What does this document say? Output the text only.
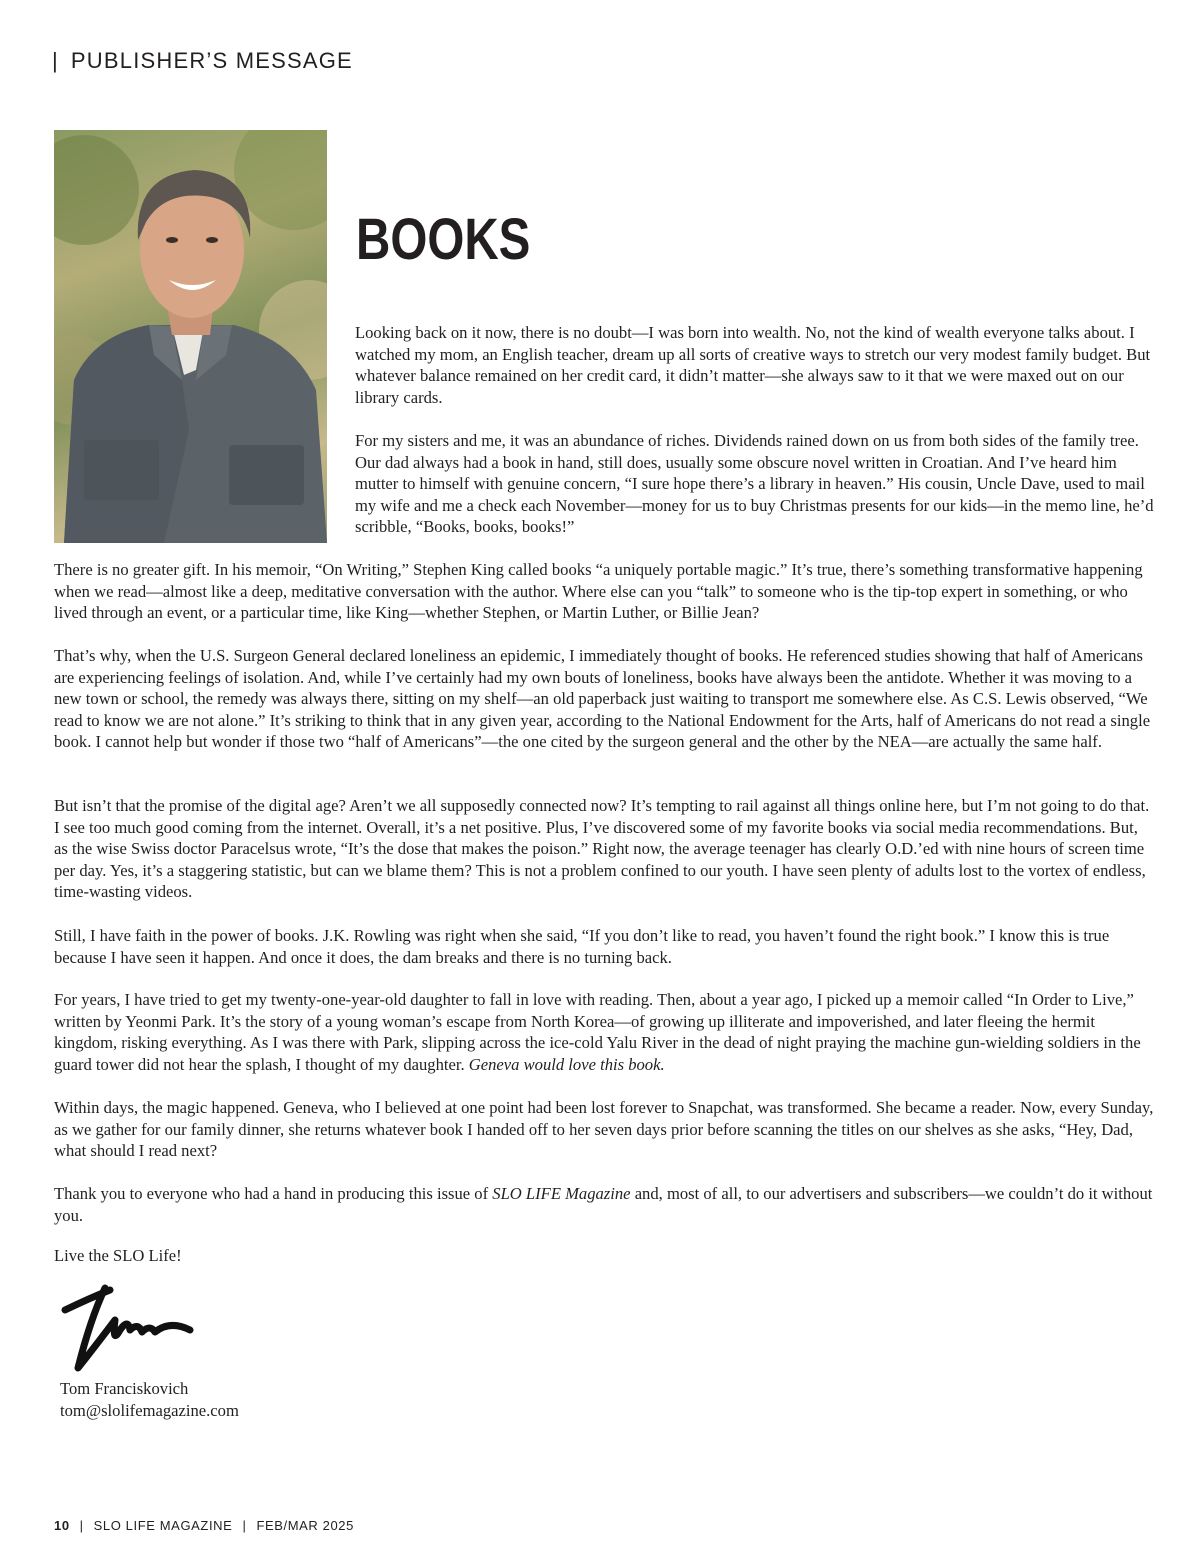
| PUBLISHER’S MESSAGE
BOOKS

Looking back on it now, there is no doubt—I was born into wealth. No, not the kind of wealth everyone talks about. I watched my mom, an English teacher, dream up all sorts of creative ways to stretch our very modest family budget. But whatever balance remained on her credit card, it didn’t matter—she always saw to it that we were maxed out on our library cards.

For my sisters and me, it was an abundance of riches. Dividends rained down on us from both sides of the family tree. Our dad always had a book in hand, still does, usually some obscure novel written in Croatian. And I’ve heard him mutter to himself with genuine concern, “I sure hope there’s a library in heaven.” His cousin, Uncle Dave, used to mail my wife and me a check each November—money for us to buy Christmas presents for our kids—in the memo line, he’d scribble, “Books, books, books!”

There is no greater gift. In his memoir, “On Writing,” Stephen King called books “a uniquely portable magic.” It’s true, there’s something transformative happening when we read—almost like a deep, meditative conversation with the author. Where else can you “talk” to someone who is the tip-top expert in something, or who lived through an event, or a particular time, like King—whether Stephen, or Martin Luther, or Billie Jean?

That’s why, when the U.S. Surgeon General declared loneliness an epidemic, I immediately thought of books. He referenced studies showing that half of Americans are experiencing feelings of isolation. And, while I’ve certainly had my own bouts of loneliness, books have always been the antidote. Whether it was moving to a new town or school, the remedy was always there, sitting on my shelf—an old paperback just waiting to transport me somewhere else. As C.S. Lewis observed, “We read to know we are not alone.” It’s striking to think that in any given year, according to the National Endowment for the Arts, half of Americans do not read a single book. I cannot help but wonder if those two “half of Americans”—the one cited by the surgeon general and the other by the NEA—are actually the same half.

But isn’t that the promise of the digital age? Aren’t we all supposedly connected now? It’s tempting to rail against all things online here, but I’m not going to do that. I see too much good coming from the internet. Overall, it’s a net positive. Plus, I’ve discovered some of my favorite books via social media recommendations. But, as the wise Swiss doctor Paracelsus wrote, “It’s the dose that makes the poison.” Right now, the average teenager has clearly O.D.’ed with nine hours of screen time per day. Yes, it’s a staggering statistic, but can we blame them? This is not a problem confined to our youth. I have seen plenty of adults lost to the vortex of endless, time-wasting videos.

Still, I have faith in the power of books. J.K. Rowling was right when she said, “If you don’t like to read, you haven’t found the right book.” I know this is true because I have seen it happen. And once it does, the dam breaks and there is no turning back.

For years, I have tried to get my twenty-one-year-old daughter to fall in love with reading. Then, about a year ago, I picked up a memoir called “In Order to Live,” written by Yeonmi Park. It’s the story of a young woman’s escape from North Korea—of growing up illiterate and impoverished, and later fleeing the hermit kingdom, risking everything. As I was there with Park, slipping across the ice-cold Yalu River in the dead of night praying the machine gun-wielding soldiers in the guard tower did not hear the splash, I thought of my daughter. Geneva would love this book.

Within days, the magic happened. Geneva, who I believed at one point had been lost forever to Snapchat, was transformed. She became a reader. Now, every Sunday, as we gather for our family dinner, she returns whatever book I handed off to her seven days prior before scanning the titles on our shelves as she asks, “Hey, Dad, what should I read next?

Thank you to everyone who had a hand in producing this issue of SLO LIFE Magazine and, most of all, to our advertisers and subscribers—we couldn’t do it without you.

Live the SLO Life!
Tom Franciskovich
tom@slolifemagazine.com
10 | SLO LIFE MAGAZINE | FEB/MAR 2025
